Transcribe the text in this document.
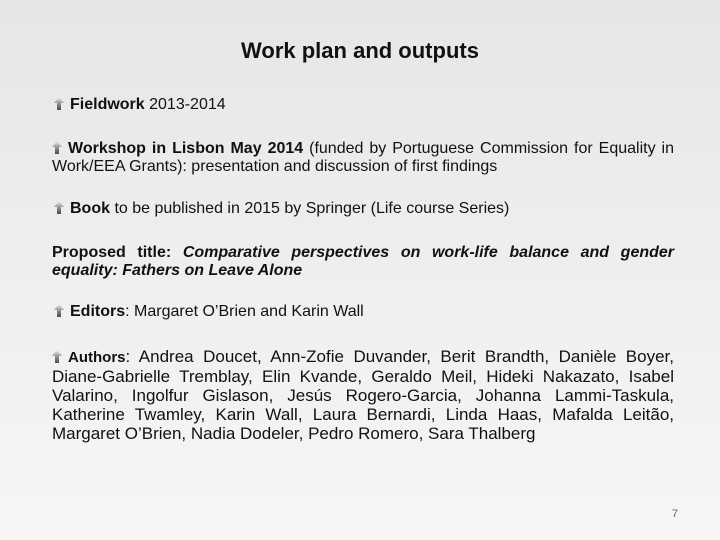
Work plan and outputs
Fieldwork 2013-2014
Workshop in Lisbon May 2014 (funded by Portuguese Commission for Equality in Work/EEA Grants): presentation and discussion of first findings
Book to be published in 2015 by Springer (Life course Series)
Proposed title: Comparative perspectives on work-life balance and gender equality: Fathers on Leave Alone
Editors: Margaret O’Brien and Karin Wall
Authors: Andrea Doucet, Ann-Zofie Duvander, Berit Brandth, Danièle Boyer, Diane-Gabrielle Tremblay, Elin Kvande, Geraldo Meil, Hideki Nakazato, Isabel Valarino, Ingolfur Gislason, Jesús Rogero-Garcia, Johanna Lammi-Taskula, Katherine Twamley, Karin Wall, Laura Bernardi, Linda Haas, Mafalda Leitão, Margaret O’Brien, Nadia Dodeler, Pedro Romero, Sara Thalberg
7
